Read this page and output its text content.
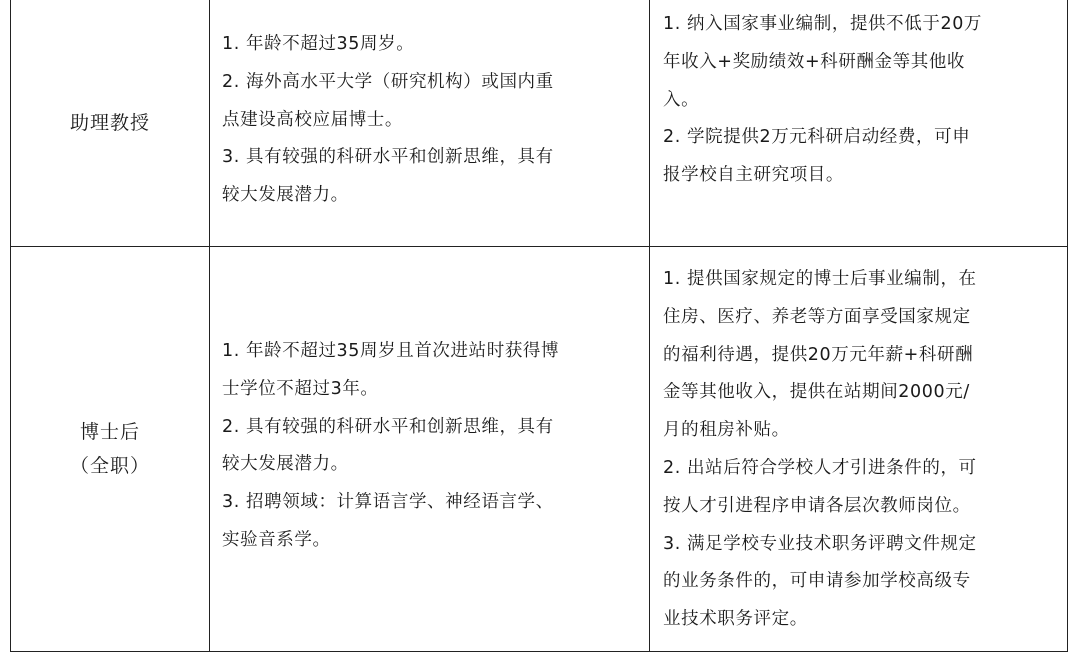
助理教授

1. 年龄不超过35周岁。

2. 海外高水平大学（研究机构）或国内重

点建设高校应届博士。

3. 具有较强的科研水平和创新思维，具有

较大发展潜力。

1. 纳入国家事业编制，提供不低于20万

年收入+奖励绩效+科研酬金等其他收

入。

2. 学院提供2万元科研启动经费，可申

报学校自主研究项目。

博士后
（全职）

1. 年龄不超过35周岁且首次进站时获得博

士学位不超过3年。

2. 具有较强的科研水平和创新思维，具有

较大发展潜力。

3. 招聘领域：计算语言学、神经语言学、

实验音系学。

1. 提供国家规定的博士后事业编制，在

住房、医疗、养老等方面享受国家规定

的福利待遇，提供20万元年薪+科研酬

金等其他收入，提供在站期间2000元/

月的租房补贴。

2. 出站后符合学校人才引进条件的，可

按人才引进程序申请各层次教师岗位。

3. 满足学校专业技术职务评聘文件规定

的业务条件的，可申请参加学校高级专

业技术职务评定。
